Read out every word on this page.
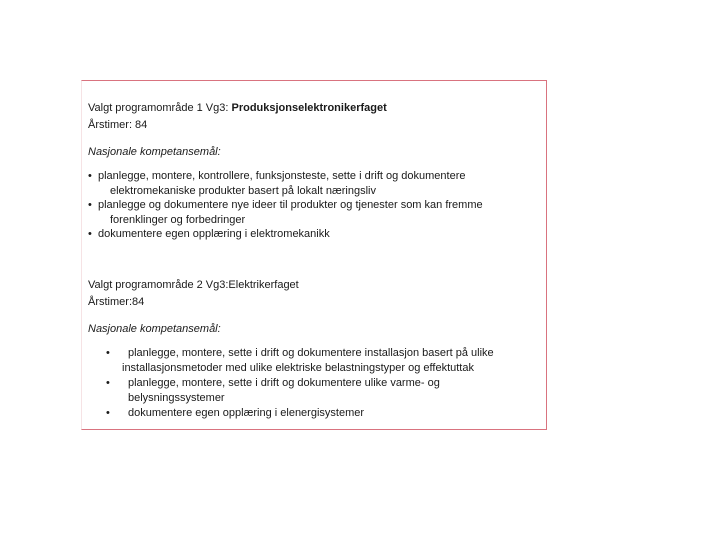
Valgt programområde 1 Vg3: Produksjonselektronikerfaget

Årstimer: 84

Nasjonale kompetansemål:

• planlegge, montere, kontrollere, funksjonsteste, sette i drift og dokumentere
elektromekaniske produkter basert på lokalt næringsliv
• planlegge og dokumentere nye ideer til produkter og tjenester som kan fremme
forenklinger og forbedringer
• dokumentere egen opplæring i elektromekanikk

Valgt programområde 2 Vg3:Elektrikerfaget

Årstimer:84

Nasjonale kompetansemål:

• planlegge, montere, sette i drift og dokumentere installasjon basert på ulike
installasjonsmetoder med ulike elektriske belastningstyper og effektuttak
• planlegge, montere, sette i drift og dokumentere ulike varme- og belysningssystemer
• dokumentere egen opplæring i elenergisystemer
